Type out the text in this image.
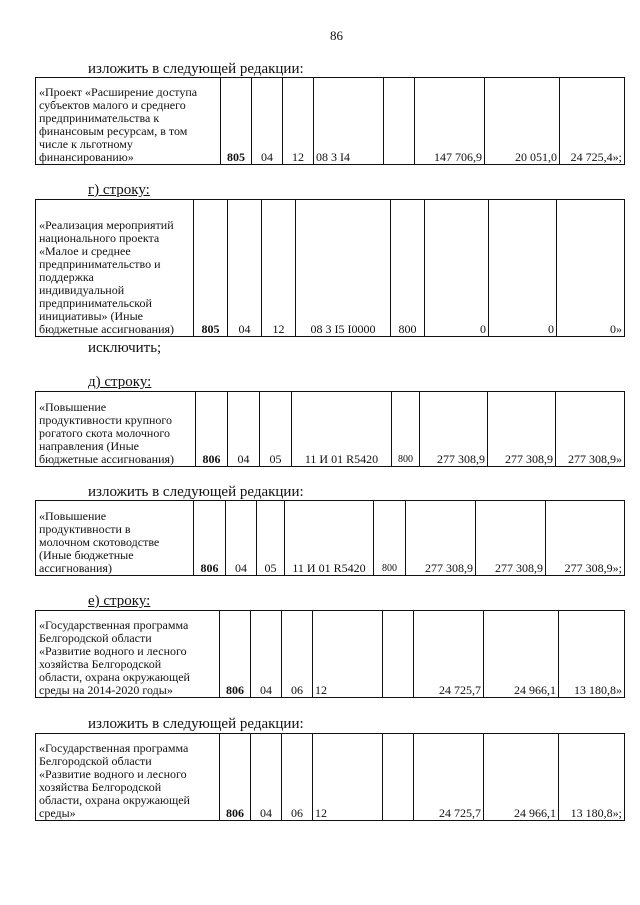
86
изложить в следующей редакции:
«Проект «Расширение доступа
субъектов малого и среднего
предпринимательства к
финансовым ресурсам, в том
числе к льготному
финансированию»	805	04	12	08 3 I4		147 706,9	20 051,0	24 725,4»;
г) строку:
«Реализация мероприятий
национального проекта
«Малое и среднее
предпринимательство и
поддержка
индивидуальной
предпринимательской
инициативы» (Иные
бюджетные ассигнования)	805	04	12	08 3 I5 I0000	800	0	0	0»
исключить;
д) строку:
«Повышение
продуктивности крупного
рогатого скота молочного
направления (Иные
бюджетные ассигнования)	806	04	05	11 И 01 R5420	800	277 308,9	277 308,9	277 308,9»
изложить в следующей редакции:
«Повышение
продуктивности в
молочном скотоводстве
(Иные бюджетные
ассигнования)	806	04	05	11 И 01 R5420	800	277 308,9	277 308,9	277 308,9»;
е) строку:
«Государственная программа
Белгородской области
«Развитие водного и лесного
хозяйства Белгородской
области, охрана окружающей
среды на 2014-2020 годы»	806	04	06	12		24 725,7	24 966,1	13 180,8»
изложить в следующей редакции:
«Государственная программа
Белгородской области
«Развитие водного и лесного
хозяйства Белгородской
области, охрана окружающей
среды»	806	04	06	12		24 725,7	24 966,1	13 180,8»;
